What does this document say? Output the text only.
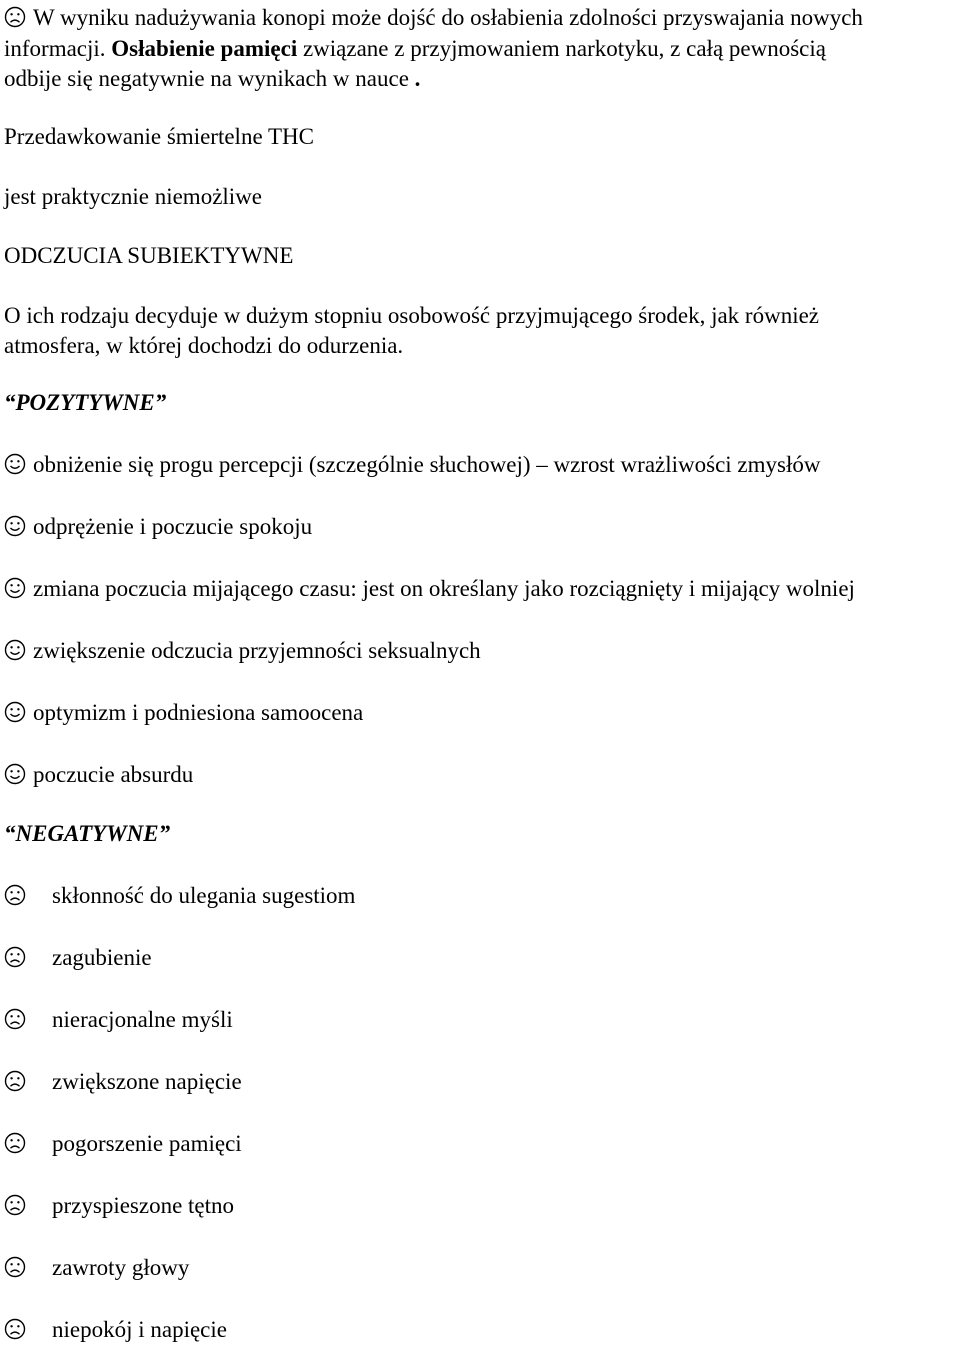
W wyniku nadużywania konopi może dojść do osłabienia zdolności przyswajania nowych
informacji. Osłabienie pamięci związane z przyjmowaniem narkotyku, z całą pewnością
odbije się negatywnie na wynikach w nauce .
Przedawkowanie śmiertelne THC
jest praktycznie niemożliwe
ODCZUCIA SUBIEKTYWNE
O ich rodzaju decyduje w dużym stopniu osobowość przyjmującego środek, jak również
atmosfera, w której dochodzi do odurzenia.
“POZYTYWNE”
obniżenie się progu percepcji (szczególnie słuchowej) – wzrost wrażliwości zmysłów
odprężenie i poczucie spokoju
zmiana poczucia mijającego czasu: jest on określany jako rozciągnięty i mijający wolniej
zwiększenie odczucia przyjemności seksualnych
optymizm i podniesiona samoocena
poczucie absurdu
“NEGATYWNE”
skłonność do ulegania sugestiom
zagubienie
nieracjonalne myśli
zwiększone napięcie
pogorszenie pamięci
przyspieszone tętno
zawroty głowy
niepokój i napięcie
